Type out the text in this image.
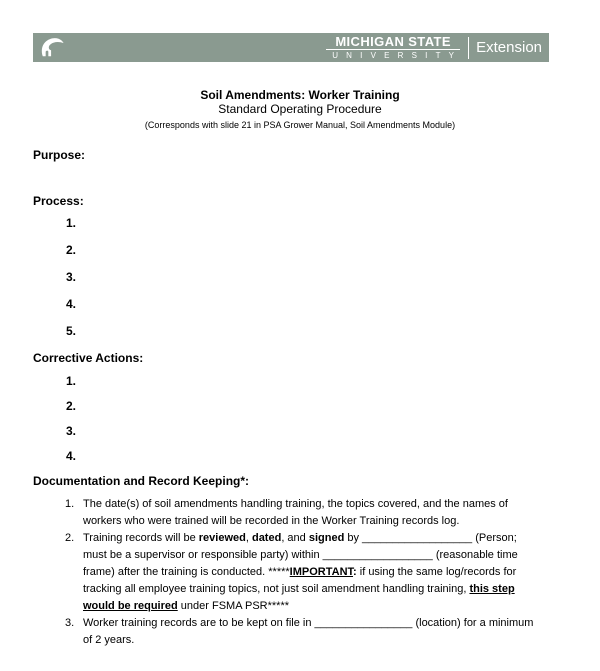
MICHIGAN STATE
UNIVERSITY Extension
Soil Amendments: Worker Training
Standard Operating Procedure
(Corresponds with slide 21 in PSA Grower Manual, Soil Amendments Module)
Purpose:
Process:
1.
2.
3.
4.
5.
Corrective Actions:
1.
2.
3.
4.
Documentation and Record Keeping*:
1. The date(s) of soil amendments handling training, the topics covered, and the names of workers who were trained will be recorded in the Worker Training records log.
2. Training records will be reviewed, dated, and signed by __________________ (Person; must be a supervisor or responsible party) within __________________ (reasonable time frame) after the training is conducted. *****IMPORTANT: if using the same log/records for tracking all employee training topics, not just soil amendment handling training, this step would be required under FSMA PSR*****
3. Worker training records are to be kept on file in ________________ (location) for a minimum of 2 years.
